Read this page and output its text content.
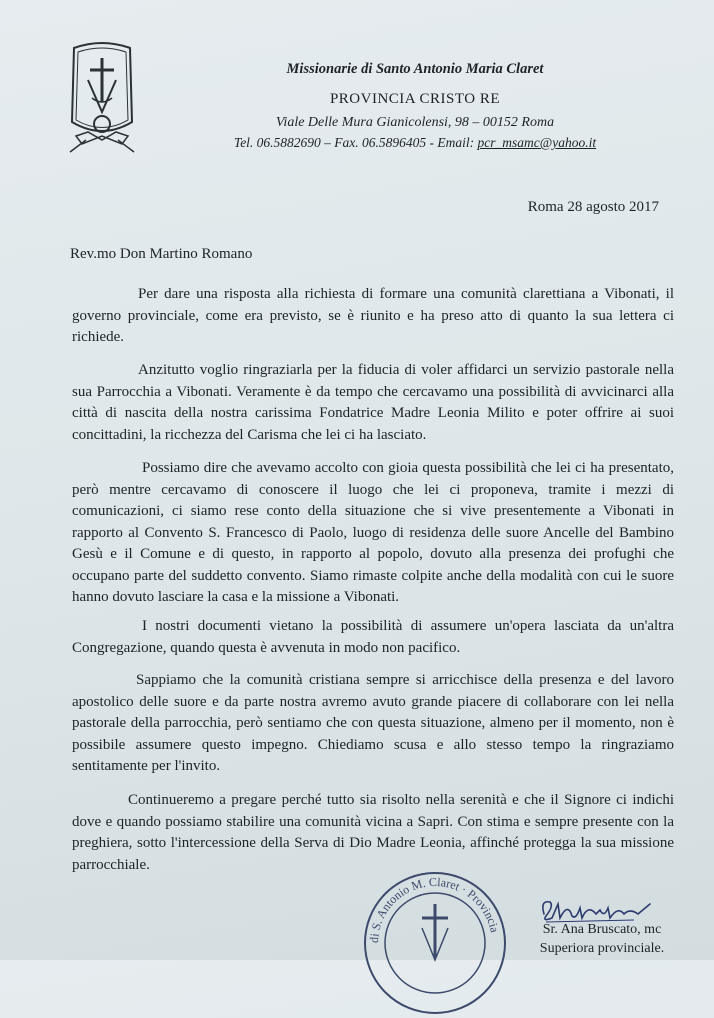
Missionarie di Santo Antonio Maria Claret
PROVINCIA CRISTO RE
Viale Delle Mura Gianicolensi, 98 – 00152 Roma
Tel. 06.5882690 – Fax. 06.5896405 - Email: pcr_msamc@yahoo.it
Roma 28 agosto 2017
Rev.mo Don Martino Romano

Per dare una risposta alla richiesta di formare una comunità clarettiana a Vibonati, il governo provinciale, come era previsto, se è riunito e ha preso atto di quanto la sua lettera ci richiede.

Anzitutto voglio ringraziarla per la fiducia di voler affidarci un servizio pastorale nella sua Parrocchia a Vibonati. Veramente è da tempo che cercavamo una possibilità di avvicinarci alla città di nascita della nostra carissima Fondatrice Madre Leonia Milito e poter offrire ai suoi concittadini, la ricchezza del Carisma che lei ci ha lasciato.

Possiamo dire che avevamo accolto con gioia questa possibilità che lei ci ha presentato, però mentre cercavamo di conoscere il luogo che lei ci proponeva, tramite i mezzi di comunicazioni, ci siamo rese conto della situazione che si vive presentemente a Vibonati in rapporto al Convento S. Francesco di Paolo, luogo di residenza delle suore Ancelle del Bambino Gesù e il Comune e di questo, in rapporto al popolo, dovuto alla presenza dei profughi che occupano parte del suddetto convento. Siamo rimaste colpite anche della modalità con cui le suore hanno dovuto lasciare la casa e la missione a Vibonati.

I nostri documenti vietano la possibilità di assumere un'opera lasciata da un'altra Congregazione, quando questa è avvenuta in modo non pacifico.

Sappiamo che la comunità cristiana sempre si arricchisce della presenza e del lavoro apostolico delle suore e da parte nostra avremo avuto grande piacere di collaborare con lei nella pastorale della parrocchia, però sentiamo che con questa situazione, almeno per il momento, non è possibile assumere questo impegno. Chiediamo scusa e allo stesso tempo la ringraziamo sentitamente per l'invito.

Continueremo a pregare perché tutto sia risolto nella serenità e che il Signore ci indichi dove e quando possiamo stabilire una comunità vicina a Sapri. Con stima e sempre presente con la preghiera, sotto l'intercessione della Serva di Dio Madre Leonia, affinché protegga la sua missione parrocchiale.

di S. Antonio M. Claret · Provincia	Sr. Ana Bruscato, mc
Superiora provinciale.
